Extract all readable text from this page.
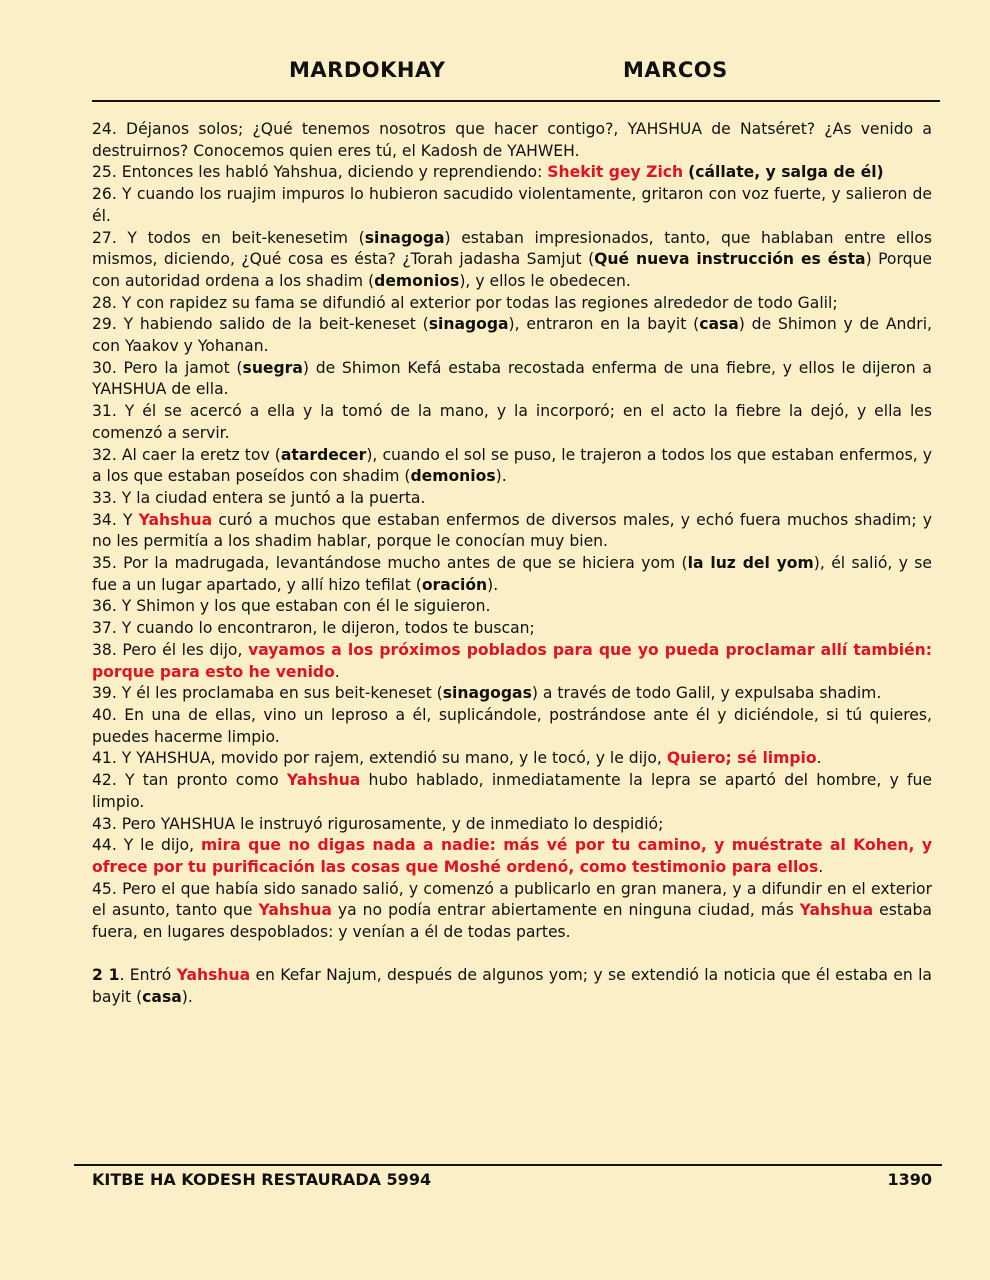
MARDOKHAY	MARCOS

24. Déjanos solos; ¿Qué tenemos nosotros que hacer contigo?, YAHSHUA de Natséret? ¿As venido a destruirnos? Conocemos quien eres tú, el Kadosh de YAHWEH.

25. Entonces les habló Yahshua, diciendo y reprendiendo: Shekit gey Zich (cállate, y salga de él)

26. Y cuando los ruajim impuros lo hubieron sacudido violentamente, gritaron con voz fuerte, y salieron de él.

27. Y todos en beit-kenesetim (sinagoga) estaban impresionados, tanto, que hablaban entre ellos mismos, diciendo, ¿Qué cosa es ésta? ¿Torah jadasha Samjut (Qué nueva instrucción es ésta) Porque con autoridad ordena a los shadim (demonios), y ellos le obedecen.

28. Y con rapidez su fama se difundió al exterior por todas las regiones alrededor de todo Galil;

29. Y habiendo salido de la beit-keneset (sinagoga), entraron en la bayit (casa) de Shimon y de Andri, con Yaakov y Yohanan.

30. Pero la jamot (suegra) de Shimon Kefá estaba recostada enferma de una fiebre, y ellos le dijeron a YAHSHUA de ella.

31. Y él se acercó a ella y la tomó de la mano, y la incorporó; en el acto la fiebre la dejó, y ella les comenzó a servir.

32. Al caer la eretz tov (atardecer), cuando el sol se puso, le trajeron a todos los que estaban enfermos, y a los que estaban poseídos con shadim (demonios).

33. Y la ciudad entera se juntó a la puerta.

34. Y Yahshua curó a muchos que estaban enfermos de diversos males, y echó fuera muchos shadim; y no les permitía a los shadim hablar, porque le conocían muy bien.

35. Por la madrugada, levantándose mucho antes de que se hiciera yom (la luz del yom), él salió, y se fue a un lugar apartado, y allí hizo tefilat (oración).

36. Y Shimon y los que estaban con él le siguieron.

37. Y cuando lo encontraron, le dijeron, todos te buscan;

38. Pero él les dijo, vayamos a los próximos poblados para que yo pueda proclamar allí también: porque para esto he venido.

39. Y él les proclamaba en sus beit-keneset (sinagogas) a través de todo Galil, y expulsaba shadim.

40. En una de ellas, vino un leproso a él, suplicándole, postrándose ante él y diciéndole, si tú quieres, puedes hacerme limpio.

41. Y YAHSHUA, movido por rajem, extendió su mano, y le tocó, y le dijo, Quiero; sé limpio.

42. Y tan pronto como Yahshua hubo hablado, inmediatamente la lepra se apartó del hombre, y fue limpio.

43. Pero YAHSHUA le instruyó rigurosamente, y de inmediato lo despidió;

44. Y le dijo, mira que no digas nada a nadie: más vé por tu camino, y muéstrate al Kohen, y ofrece por tu purificación las cosas que Moshé ordenó, como testimonio para ellos.

45. Pero el que había sido sanado salió, y comenzó a publicarlo en gran manera, y a difundir en el exterior el asunto, tanto que Yahshua ya no podía entrar abiertamente en ninguna ciudad, más Yahshua estaba fuera, en lugares despoblados: y venían a él de todas partes.

2 1. Entró Yahshua en Kefar Najum, después de algunos yom; y se extendió la noticia que él estaba en la bayit (casa).

KITBE HA KODESH RESTAURADA 5994	1390
